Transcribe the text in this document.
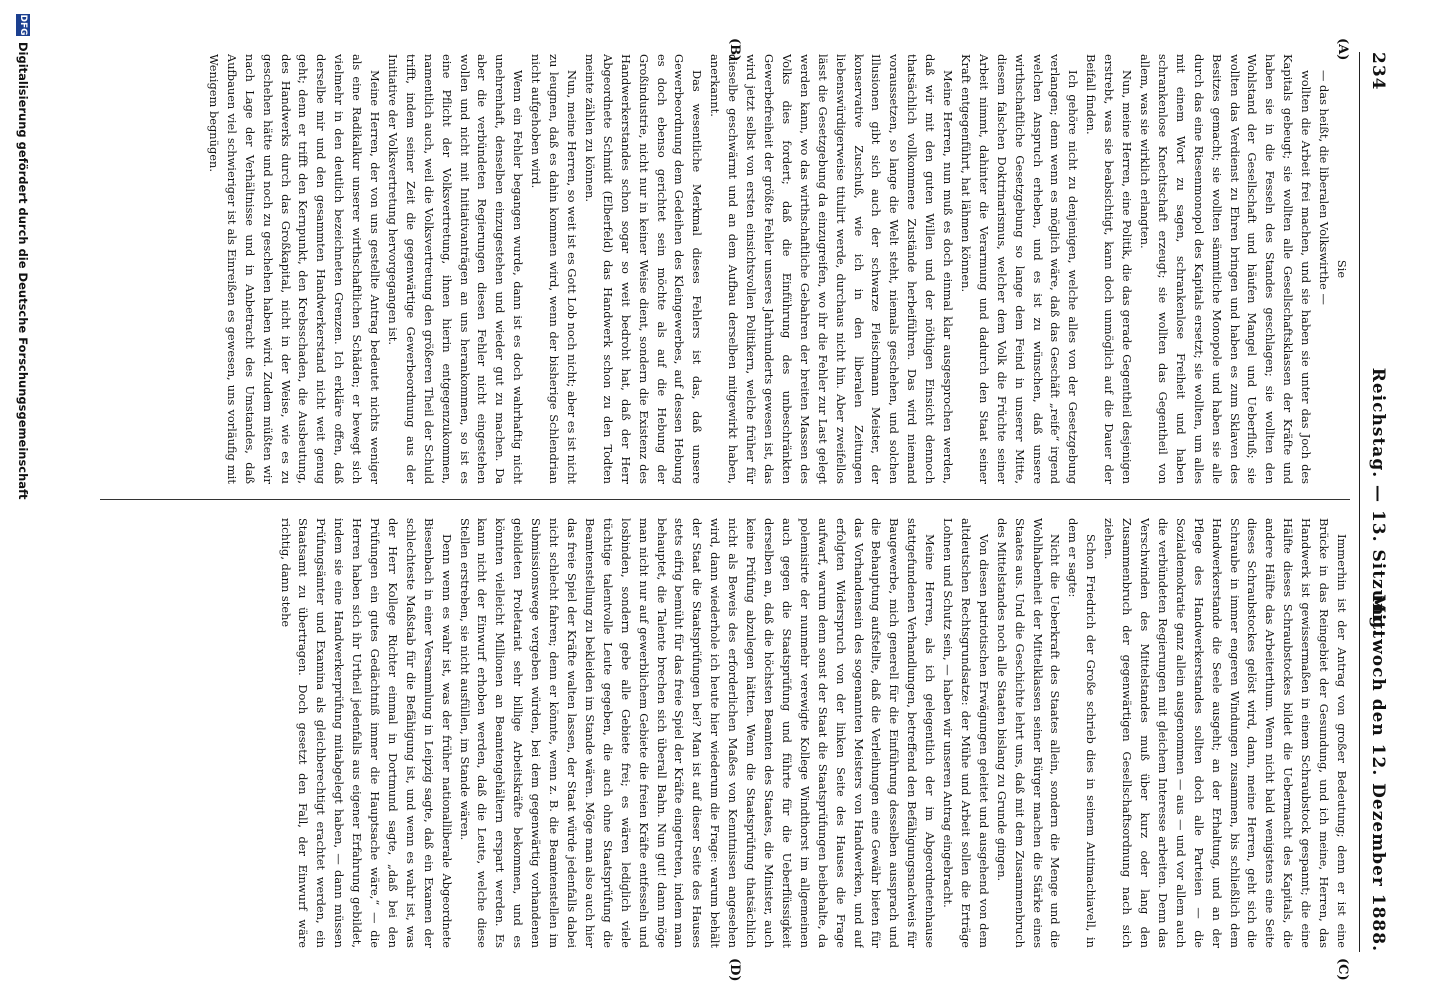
234
Reichstag. — 13. Sitzung.
Mittwoch den 12. Dezember 1888.
(A)
(B)
(C)
(D)

Sie

— das heißt, die liberalen Volkswirthe —

wollten die Arbeit frei machen, und sie haben sie unter das Joch des Kapitals gebeugt; sie wollten alle Gesellschaftsklassen der Kräfte und haben sie in die Fesseln des Standes geschlagen; sie wollten den Wohlstand der Gesellschaft und häufen Mangel und Ueberfluß; sie wollten das Verdienst zu Ehren bringen und haben es zum Sklaven des Besitzes gemacht; sie wollten sämmtliche Monopole und haben sie alle durch das eine Riesenmonopol des Kapitals ersetzt; sie wollten, um alles mit einem Wort zu sagen, schrankenlose Freiheit und haben schrankenlose Knechtschaft erzeugt; sie wollten das Gegentheil von allem, was sie wirklich erlangten.

Nun, meine Herren, eine Politik, die das gerade Gegentheil desjenigen erstrebt, was sie beabsichtigt, kann doch unmöglich auf die Dauer der Beifall finden.

Ich gehöre nicht zu denjenigen, welche alles von der Gesetzgebung verlangen; denn wenn es möglich wäre, daß das Geschäft „reife“ irgend welchen Anspruch erheben, und es ist zu wünschen, daß unsere wirthschaftliche Gesetzgebung so lange dem Feind in unserer Mitte, diesem falschen Doktrinarismus, welcher dem Volk die Früchte seiner Arbeit nimmt, dahinter die Verarmung und dadurch den Staat seiner Kraft entgegenführt, hat lähmen können.

Meine Herren, nun muß es doch einmal klar ausgesprochen werden, daß wir mit den guten Willen und der nöthigen Einsicht dennoch thatsächlich vollkommene Zustände herbeiführen. Das wird niemand voraussetzen, so lange die Welt steht, niemals geschehen, und solchen Illusionen gibt sich auch der schwarze Fleischmann Meister, der konservative Zuschuß, wie ich in den liberalen Zeitungen liebenswürdigerweise titulirt werde, durchaus nicht hin. Aber zweifellos lässt die Gesetzgebung da einzugreifen, wo ihr die Fehler zur Last gelegt werden kann, wo das wirthschaftliche Gebahren der breiten Massen des Volks dies fordert; daß die Einführung des unbeschränkten Gewerbefreiheit der größte Fehler unseres Jahrhunderts gewesen ist, das wird jetzt selbst von ersten einsichtsvollen Politikern, welche früher für dieselbe geschwärmt und an dem Aufbau derselben mitgewirkt haben, anerkannt.

Das wesentliche Merkmal dieses Fehlers ist das, daß unsere Gewerbeordnung dem Gedeihen des Kleingewerbes, auf dessen Hebung es doch ebenso gerichtet sein möchte als auf die Hebung der Großindustrie, nicht nur in keiner Weise dient, sondern die Existenz des Handwerkerstandes schon sogar so weit bedroht hat, daß der Herr Abgeordnete Schmidt (Elberfeld) das Handwerk schon zu den Todten meinte zählen zu können.

Nun, meine Herren, so weit ist es Gott Lob noch nicht; aber es ist nicht zu leugnen, daß es dahin kommen wird, wenn der bisherige Schlendrian nicht aufgehoben wird.

Wenn ein Fehler begangen wurde, dann ist es doch wahrhaftig nicht unehrenhaft, denselben einzugestehen und wieder gut zu machen. Da aber die verbündeten Regierungen diesen Fehler nicht eingestehen wollen und nicht mit Initiativanträgen an uns herankommen, so ist es eine Pflicht der Volksvertretung, ihnen hierin entgegenzukommen, namentlich auch, weil die Volksvertretung den größeren Theil der Schuld trifft, indem seiner Zeit die gegenwärtige Gewerbeordnung aus der Initiative der Volksvertretung hervorgegangen ist.

Meine Herren, der von uns gestellte Antrag bedeutet nichts weniger als eine Radikalkur unserer wirthschaftlichen Schäden; er bewegt sich vielmehr in den deutlich bezeichneten Grenzen. Ich erkläre offen, daß derselbe mir und den gesammten Handwerkerstand nicht weit genug geht; denn er trifft den Kernpunkt, den Krebsschaden, die Ausbeutung, des Handwerks durch das Großkapital, nicht in der Weise, wie es zu geschehen hätte und noch zu geschehen haben wird. Zudem müßten wir nach Lage der Verhältnisse und in Anbetracht des Umstandes, daß Aufbauen viel schwieriger ist als Einreißen es gewesen, uns vorläufig mit Wenigem begnügen.

Immerhin ist der Antrag von großer Bedeutung; denn er ist eine Brücke in das Reingebiet der Gesundung, und ich meine, Herren, das Handwerk ist gewissermaßen in einem Schraubstock gespannt; die eine Hälfte dieses Schraubstockes bildet die Uebermacht des Kapitals, die andere Hälfte das Arbeiterthum. Wenn nicht bald wenigstens eine Seite dieses Schraubstockes gelöst wird, dann, meine Herren, geht sich die Schraube in immer engeren Windungen zusammen, bis schließlich dem Handwerkerstande die Seele ausgeht; an der Erhaltung, und an der Pflege des Handwerkerstandes sollten doch alle Parteien — die Sozialdemokratie ganz allein ausgenommen — aus — und vor allem auch die verbündeten Regierungen mit gleichem Interesse arbeiten. Denn das Verschwinden des Mittelstandes muß über kurz oder lang den Zusammenbruch der gegenwärtigen Gesellschaftsordnung nach sich ziehen.

Schon Friedrich der Große schrieb dies in seinem Antimachiavell, in dem er sagte:

Nicht die Ueberkraft des Staates allein, sondern die Menge und die Wohlhabenheit der Mittelklassen seiner Bürger machen die Stärke eines Staates aus. Und die Geschichte lehrt uns, daß mit dem Zusammenbruch des Mittelstandes noch alle Staaten bislang zu Grunde gingen.

Von diesen patriotischen Erwägungen geleitet und ausgehend von dem altdeutschen Rechtsgrundsatze: der Mühe und Arbeit sollen die Erträge Lohnen und Schutz sein, — haben wir unseren Antrag eingebracht.

Meine Herren, als ich gelegentlich der im Abgeordnetenhause stattgefundenen Verhandlungen, betreffend den Befähigungsnachweis für Baugewerbe, mich generell für die Einführung desselben aussprach und die Behauptung aufstellte, daß die Verleihungen eine Gewähr bieten für das Vorhandensein des sogenannten Meisters von Handwerken, und auf erfolgten Widerspruch von der linken Seite des Hauses die Frage aufwarf, warum denn sonst der Staat die Staatsprüfungen beibehalte, da polemisirte der nunmehr verewigte Kollege Windthorst im allgemeinen auch gegen die Staatsprüfung und führte für die Ueberflüssigkeit derselben an, daß die höchsten Beamten des Staates, die Minister, auch keine Prüfung abzulegen hätten. Wenn die Staatsprüfung thatsächlich nicht als Beweis des erforderlichen Maßes von Kenntnissen angesehen wird, dann wiederhole ich heute hier wiederum die Frage: warum behält der Staat die Staatsprüfungen bei? Man ist auf dieser Seite des Hauses stets eifrig bemüht für das freie Spiel der Kräfte eingetreten, indem man behauptet, die Talente brechen sich überall Bahn. Nun gut! dann möge man nicht nur auf gewerblichem Gebiete die freien Kräfte entfesseln und losbinden, sondern gebe alle Gebiete frei; es wären lediglich viele tüchtige talentvolle Leute gegeben, die auch ohne Staatsprüfung die Beamtenstellung zu bekleiden im Stande wären. Möge man also auch hier das freie Spiel der Kräfte walten lassen, der Staat würde jedenfalls dabei nicht schlecht fahren; denn er könnte, wenn z. B. die Beamtenstellen im Submissionswege vergeben würden, bei dem gegenwärtig vorhandenen gebildeten Proletariat sehr billige Arbeitskräfte bekommen, und es könnten vielleicht Millionen an Beamtengehältern erspart werden. Es kann nicht der Einwurf erhoben werden, daß die Leute, welche diese Stellen erstreben, sie nicht ausfüllen, im Stande wären.

Denn wenn es wahr ist, was der früher nationalliberale Abgeordnete Biesenbach in einer Versammlung in Leipzig sagte, daß ein Examen der schlechteste Maßstab für die Befähigung ist, und wenn es wahr ist, was der Herr Kollege Richter einmal in Dortmund sagte, „daß bei den Prüfungen ein gutes Gedächtniß immer die Hauptsache wäre,“ — die Herren haben sich ihr Urtheil jedenfalls aus eigener Erfahrung gebildet, indem sie eine Handwerkerprüfung mitabgelegt haben, — dann müssen Prüfungsämter und Examina als gleichberechtigt erachtet werden, ein Staatsamt zu übertragen. Doch gesetzt den Fall, der Einwurf wäre richtig, dann stehe

DFG
Digitalisierung gefördert durch die Deutsche Forschungsgemeinschaft
